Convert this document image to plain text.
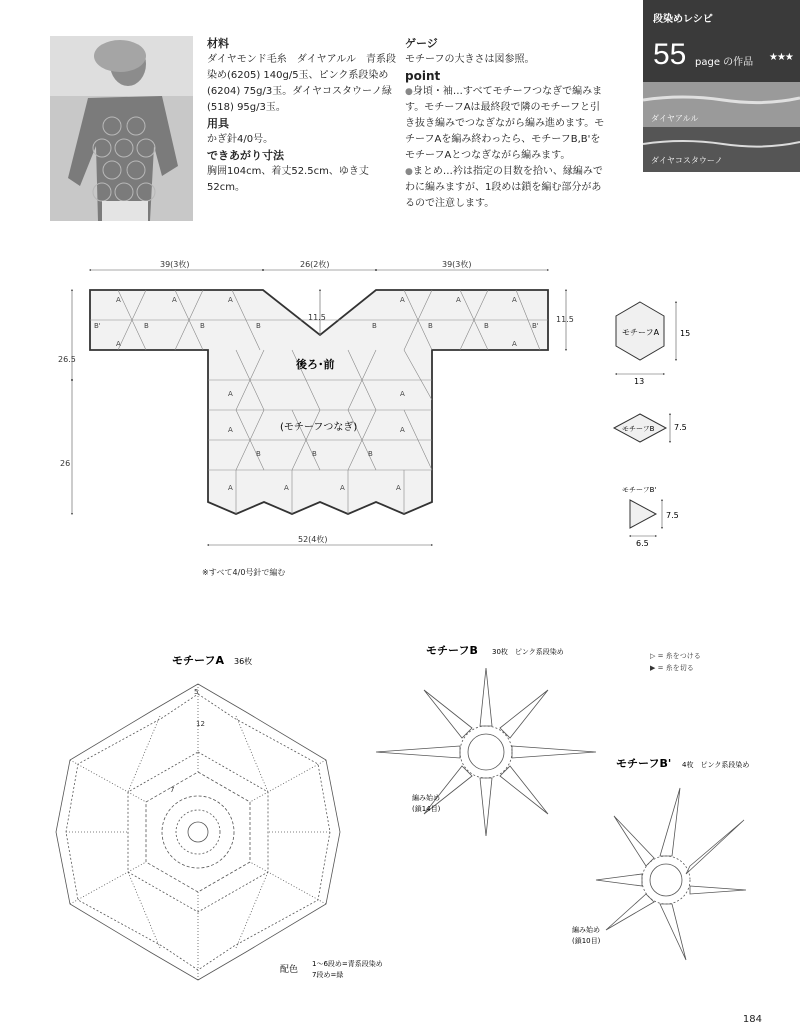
材料

ダイヤモンド毛糸　ダイヤアルル　青系段染め(6205) 140g/5玉、ピンク系段染め(6204) 75g/3玉。ダイヤコスタウーノ緑(518) 95g/3玉。

用具

かぎ針4/0号。

できあがり寸法

胸囲104cm、着丈52.5cm、ゆき丈52cm。

ゲージ

モチーフの大きさは図参照。

point

●身頃・袖…すべてモチーフつなぎで編みます。モチーフAは最終段で隣のモチーフと引き抜き編みでつなぎながら編み進めます。モチーフAを編み終わったら、モチーフB,B'をモチーフAとつなぎながら編みます。

●まとめ…衿は指定の目数を拾い、縁編みでわに編みますが、1段めは鎖を編む部分があるので注意します。

段染めレシピ
55 page の作品 ★★★
ダイヤアルル
ダイヤコスタウーノ
A	A	A	A	A	A
B	B	B	B	B	B
B'	B'
A	A
A	A
A	A
B	B	B
A	A	A	A
後ろ･前
(モチーフつなぎ)
39(3枚)	26(2枚)	39(3枚)
11.5	11.5
26.5
26
52(4枚)
モチーフA	15
13
モチーフB 7.5
モチーフB'
7.5
6.5
モチーフA 36枚
5
12
7
配色
1〜6段め=青系段染め
7段め=緑
モチーフB 30枚　ピンク系段染め
編み始め
(鎖14目)
モチーフB' 4枚　ピンク系段染め
編み始め
(鎖10目)
▷ = 糸をつける
▶ = 糸を切る
※すべて4/0号針で編む
184
